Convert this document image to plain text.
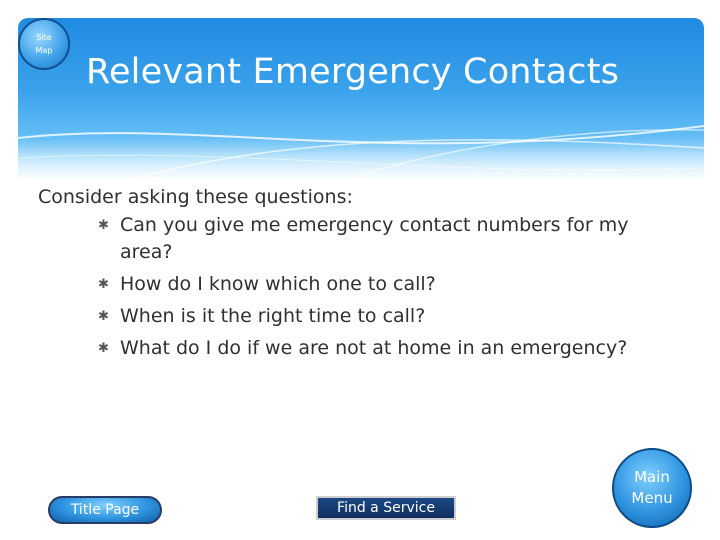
Site Map
Relevant Emergency Contacts
Consider asking these questions:
✱ Can you give me emergency contact numbers for my area?
✱ How do I know which one to call?
✱ When is it the right time to call?
✱ What do I do if we are not at home in an emergency?
Title Page	Find a Service
Main Menu
